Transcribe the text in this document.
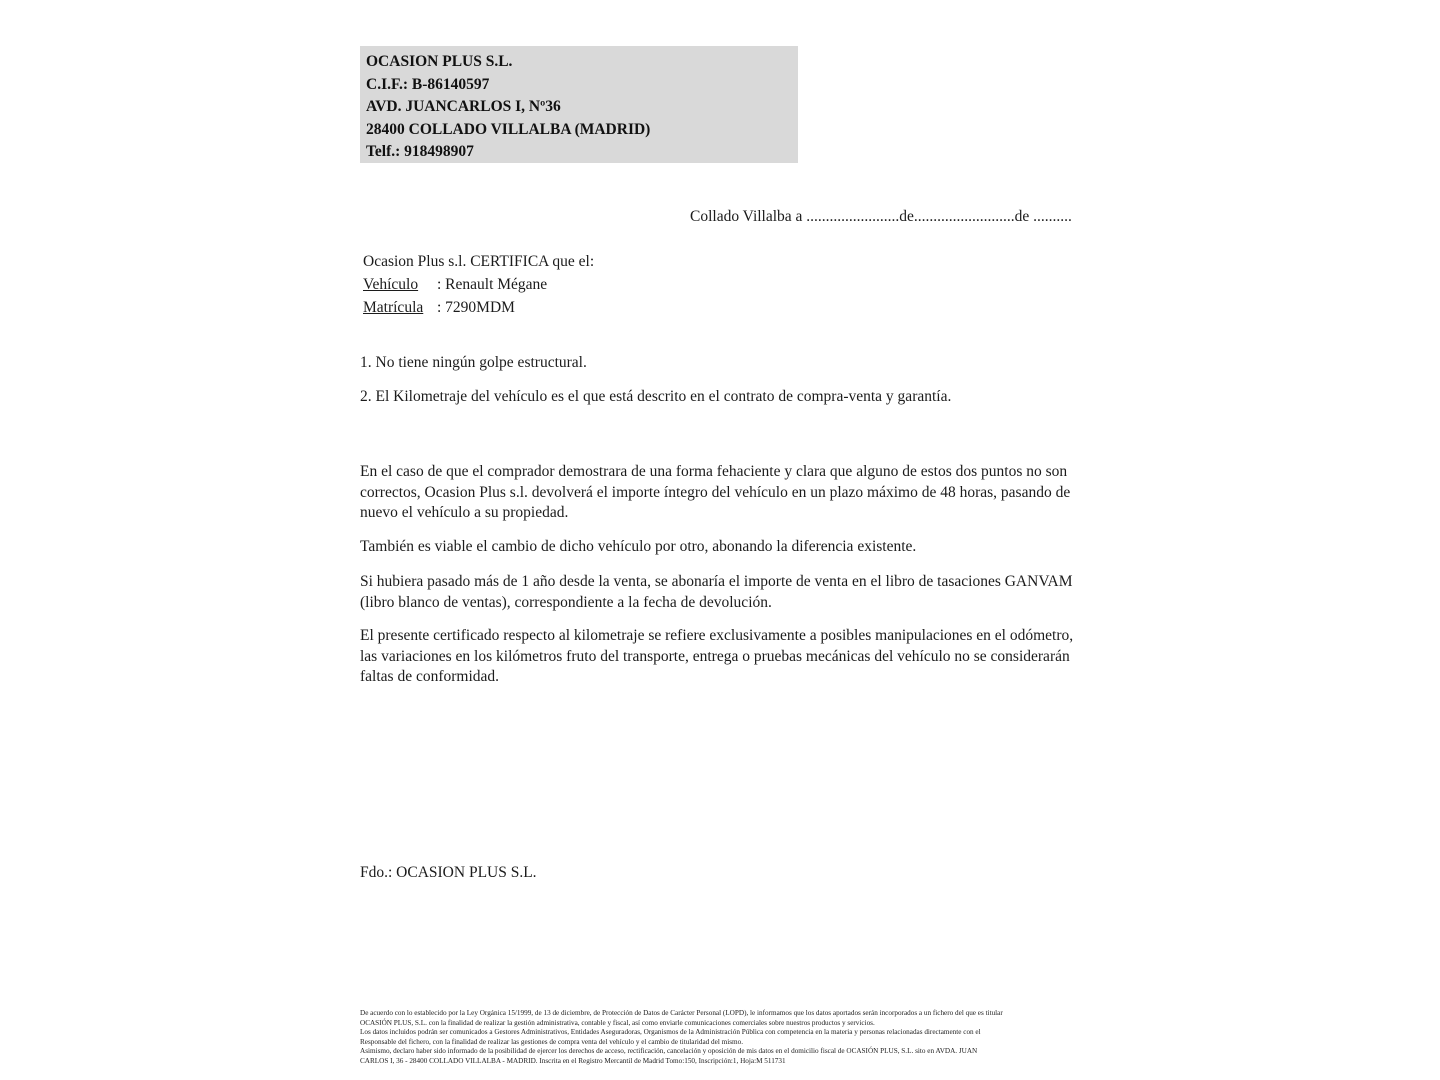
OCASION PLUS S.L.
C.I.F.: B-86140597
AVD. JUANCARLOS I, Nº36
28400 COLLADO VILLALBA (MADRID)
Telf.: 918498907
Collado Villalba a ........................de..........................de ..........
Ocasion Plus s.l. CERTIFICA que el:
Vehículo : Renault Mégane
Matrícula : 7290MDM
1. No tiene ningún golpe estructural.
2. El Kilometraje del vehículo es el que está descrito en el contrato de compra-venta y garantía.
En el caso de que el comprador demostrara de una forma fehaciente y clara que alguno de estos dos puntos no son correctos, Ocasion Plus s.l. devolverá el importe íntegro del vehículo en un plazo máximo de 48 horas, pasando de nuevo el vehículo a su propiedad.
También es viable el cambio de dicho vehículo por otro, abonando la diferencia existente.
Si hubiera pasado más de 1 año desde la venta, se abonaría el importe de venta en el libro de tasaciones GANVAM (libro blanco de ventas), correspondiente a la fecha de devolución.
El presente certificado respecto al kilometraje se refiere exclusivamente a posibles manipulaciones en el odómetro, las variaciones en los kilómetros fruto del transporte, entrega o pruebas mecánicas del vehículo no se considerarán faltas de conformidad.
Fdo.: OCASION PLUS S.L.
De acuerdo con lo establecido por la Ley Orgánica 15/1999, de 13 de diciembre, de Protección de Datos de Carácter Personal (LOPD), le informamos que los datos aportados serán incorporados a un fichero del que es titular
OCASIÓN PLUS, S.L. con la finalidad de realizar la gestión administrativa, contable y fiscal, así como enviarle comunicaciones comerciales sobre nuestros productos y servicios.
Los datos incluidos podrán ser comunicados a Gestores Administrativos, Entidades Aseguradoras, Organismos de la Administración Pública con competencia en la materia y personas relacionadas directamente con el
Responsable del fichero, con la finalidad de realizar las gestiones de compra venta del vehículo y el cambio de titularidad del mismo.
Asimismo, declaro haber sido informado de la posibilidad de ejercer los derechos de acceso, rectificación, cancelación y oposición de mis datos en el domicilio fiscal de OCASIÓN PLUS, S.L. sito en AVDA. JUAN
CARLOS I, 36 - 28400 COLLADO VILLALBA - MADRID. Inscrita en el Registro Mercantil de Madrid Tomo:150, Inscripción:1, Hoja:M 511731
